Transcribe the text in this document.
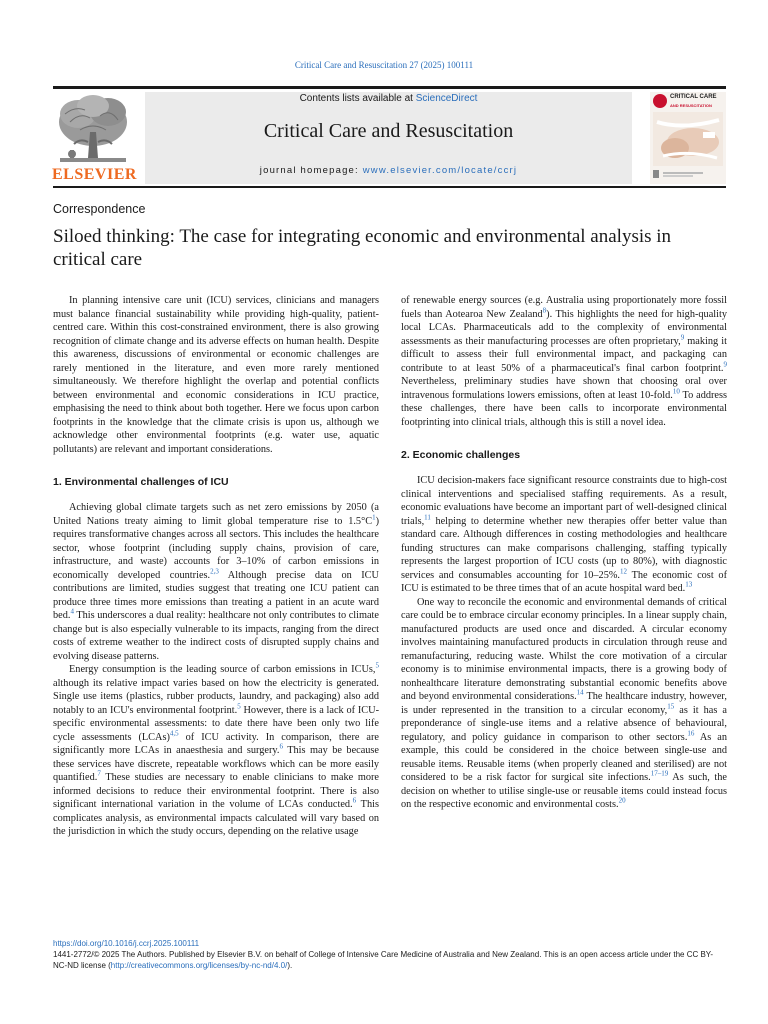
Critical Care and Resuscitation 27 (2025) 100111
ELSEVIER
Contents lists available at ScienceDirect
Critical Care and Resuscitation
journal homepage: www.elsevier.com/locate/ccrj
CRITICAL CARE
AND RESUSCITATION
Correspondence
Siloed thinking: The case for integrating economic and environmental analysis in critical care

In planning intensive care unit (ICU) services, clinicians and managers must balance financial sustainability while providing high-quality, patient-centred care. Within this cost-constrained environment, there is also growing recognition of climate change and its adverse effects on human health. Despite this awareness, discussions of environmental or economic challenges are rarely mentioned in the literature, and even more rarely mentioned simultaneously. We therefore highlight the overlap and potential conflicts between environmental and economic considerations in ICU practice, emphasising the need to think about both together. Here we focus upon carbon footprints in the knowledge that the climate crisis is upon us, although we acknowledge other environmental footprints (e.g. water use, aquatic pollutants) are relevant and important considerations.

1. Environmental challenges of ICU

Achieving global climate targets such as net zero emissions by 2050 (a United Nations treaty aiming to limit global temperature rise to 1.5°C$^1$) requires transformative changes across all sectors. This includes the healthcare sector, whose footprint (including supply chains, provision of care, infrastructure, and waste) accounts for 3–10% of carbon emissions in economically developed countries.$^{2,3}$ Although precise data on ICU contributions are limited, studies suggest that treating one ICU patient can produce three times more emissions than treating a patient in an acute ward bed.$^4$ This underscores a dual reality: healthcare not only contributes to climate change but is also especially vulnerable to its impacts, ranging from the direct costs of extreme weather to the indirect costs of disrupted supply chains and evolving disease patterns.

Energy consumption is the leading source of carbon emissions in ICUs,$^5$ although its relative impact varies based on how the electricity is generated. Single use items (plastics, rubber products, laundry, and packaging) also add notably to an ICU's environmental footprint.$^5$ However, there is a lack of ICU-specific environmental assessments: to date there have been only two life cycle assessments (LCAs)$^{4,5}$ of ICU activity. In comparison, there are significantly more LCAs in anaesthesia and surgery.$^6$ This may be because these services have discrete, repeatable workflows which can be more easily quantified.$^7$ These studies are necessary to enable clinicians to make more informed decisions to reduce their environmental footprint. There is also significant international variation in the volume of LCAs conducted.$^6$ This complicates analysis, as environmental impacts calculated will vary based on the jurisdiction in which the study occurs, depending on the relative usage

of renewable energy sources (e.g. Australia using proportionately more fossil fuels than Aotearoa New Zealand$^8$). This highlights the need for high-quality local LCAs. Pharmaceuticals add to the complexity of environmental assessments as their manufacturing processes are often proprietary,$^9$ making it difficult to assess their full environmental impact, and packaging can contribute to at least 50% of a pharmaceutical's final carbon footprint.$^9$ Nevertheless, preliminary studies have shown that choosing oral over intravenous formulations lowers emissions, often at least 10-fold.$^{10}$ To address these challenges, there have been calls to incorporate environmental footprinting into clinical trials, although this is still a novel idea.

2. Economic challenges

ICU decision-makers face significant resource constraints due to high-cost clinical interventions and specialised staffing requirements. As a result, economic evaluations have become an important part of well-designed clinical trials,$^{11}$ helping to determine whether new therapies offer better value than standard care. Although differences in costing methodologies and healthcare funding structures can make comparisons challenging, staffing typically represents the largest proportion of ICU costs (up to 80%), with diagnostic services and consumables accounting for 10–25%.$^{12}$ The economic cost of ICU is estimated to be three times that of an acute hospital ward bed.$^{13}$

One way to reconcile the economic and environmental demands of critical care could be to embrace circular economy principles. In a linear supply chain, manufactured products are used once and discarded. A circular economy involves maintaining manufactured products in circulation through reuse and remanufacturing, reducing waste. Whilst the core motivation of a circular economy is to minimise environmental impacts, there is a growing body of nonhealthcare literature demonstrating substantial economic benefits above and beyond environmental considerations.$^{14}$ The healthcare industry, however, is under represented in the transition to a circular economy,$^{15}$ as it has a preponderance of single-use items and a relative absence of behavioural, regulatory, and policy guidance in comparison to other sectors.$^{16}$ As an example, this could be considered in the choice between single-use and reusable items. Reusable items (when properly cleaned and sterilised) are not considered to be a risk factor for surgical site infections.$^{17-19}$ As such, the decision on whether to utilise single-use or reusable items could instead focus on the respective economic and environmental costs.$^{20}$

https://doi.org/10.1016/j.ccrj.2025.100111
1441-2772/© 2025 The Authors. Published by Elsevier B.V. on behalf of College of Intensive Care Medicine of Australia and New Zealand. This is an open access article under the CC BY-NC-ND license (http://creativecommons.org/licenses/by-nc-nd/4.0/).
